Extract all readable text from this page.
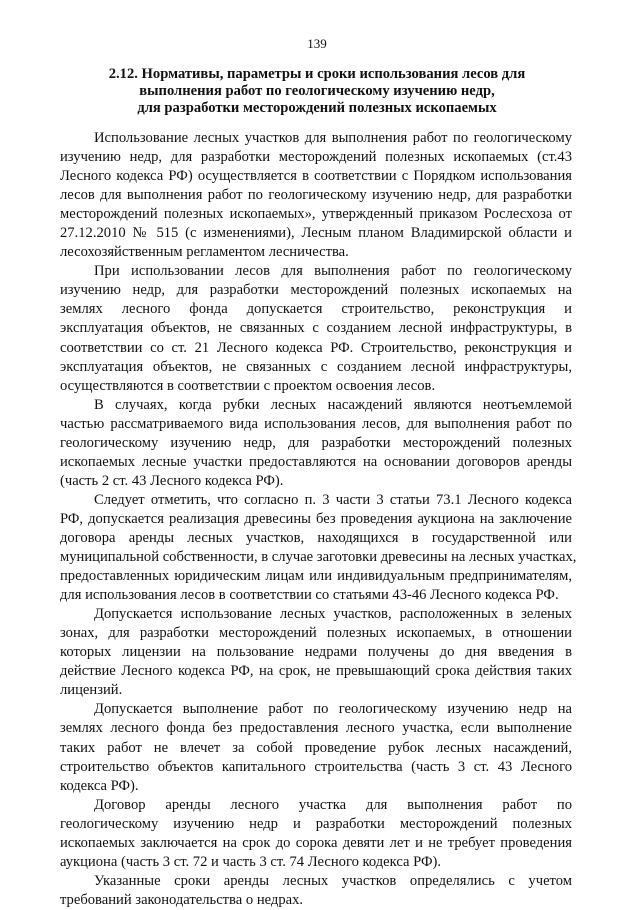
139
2.12. Нормативы, параметры и сроки использования лесов для
выполнения работ по геологическому изучению недр,
для разработки месторождений полезных ископаемых
Использование лесных участков для выполнения работ по геологическому
изучению недр, для разработки месторождений полезных ископаемых (ст.43
Лесного кодекса РФ) осуществляется в соответствии с Порядком использования
лесов для выполнения работ по геологическому изучению недр, для разработки
месторождений полезных ископаемых», утвержденный приказом Рослесхоза от
27.12.2010 № 515 (с изменениями), Лесным планом Владимирской области и
лесохозяйственным регламентом лесничества.
При использовании лесов для выполнения работ по геологическому
изучению недр, для разработки месторождений полезных ископаемых на
землях лесного фонда допускается строительство, реконструкция и
эксплуатация объектов, не связанных с созданием лесной инфраструктуры, в
соответствии со ст. 21 Лесного кодекса РФ. Строительство, реконструкция и
эксплуатация объектов, не связанных с созданием лесной инфраструктуры,
осуществляются в соответствии с проектом освоения лесов.
В случаях, когда рубки лесных насаждений являются неотъемлемой
частью рассматриваемого вида использования лесов, для выполнения работ по
геологическому изучению недр, для разработки месторождений полезных
ископаемых лесные участки предоставляются на основании договоров аренды
(часть 2 ст. 43 Лесного кодекса РФ).
Следует отметить, что согласно п. 3 части 3 статьи 73.1 Лесного кодекса
РФ, допускается реализация древесины без проведения аукциона на заключение
договора аренды лесных участков, находящихся в государственной или
муниципальной собственности, в случае заготовки древесины на лесных участках,
предоставленных юридическим лицам или индивидуальным предпринимателям,
для использования лесов в соответствии со статьями 43-46 Лесного кодекса РФ.
Допускается использование лесных участков, расположенных в зеленых
зонах, для разработки месторождений полезных ископаемых, в отношении
которых лицензии на пользование недрами получены до дня введения в
действие Лесного кодекса РФ, на срок, не превышающий срока действия таких
лицензий.
Допускается выполнение работ по геологическому изучению недр на
землях лесного фонда без предоставления лесного участка, если выполнение
таких работ не влечет за собой проведение рубок лесных насаждений,
строительство объектов капитального строительства (часть 3 ст. 43 Лесного
кодекса РФ).
Договор аренды лесного участка для выполнения работ по
геологическому изучению недр и разработки месторождений полезных
ископаемых заключается на срок до сорока девяти лет и не требует проведения
аукциона (часть 3 ст. 72 и часть 3 ст. 74 Лесного кодекса РФ).
Указанные сроки аренды лесных участков определялись с учетом
требований законодательства о недрах.
